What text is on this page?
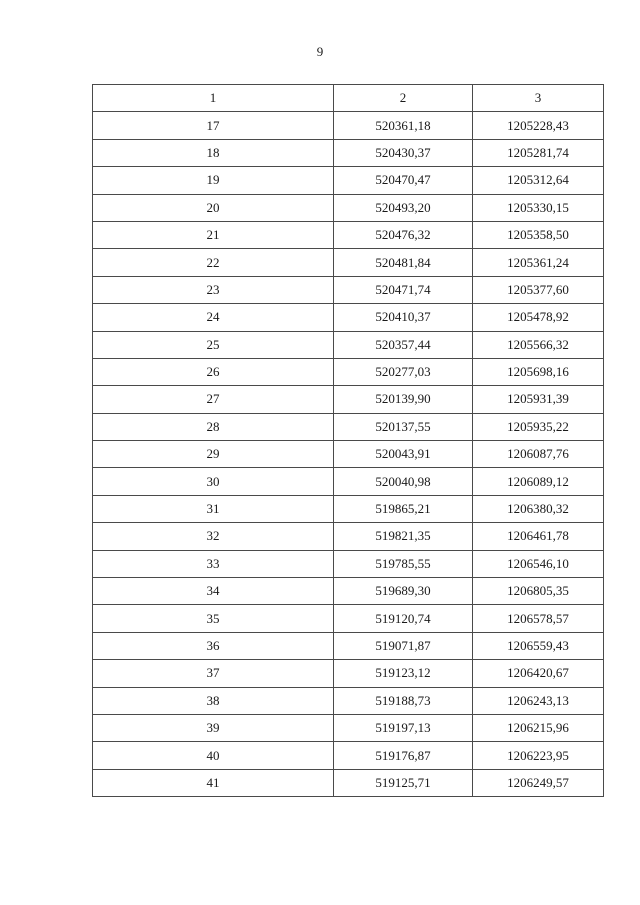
9
1	2	3
17	520361,18	1205228,43
18	520430,37	1205281,74
19	520470,47	1205312,64
20	520493,20	1205330,15
21	520476,32	1205358,50
22	520481,84	1205361,24
23	520471,74	1205377,60
24	520410,37	1205478,92
25	520357,44	1205566,32
26	520277,03	1205698,16
27	520139,90	1205931,39
28	520137,55	1205935,22
29	520043,91	1206087,76
30	520040,98	1206089,12
31	519865,21	1206380,32
32	519821,35	1206461,78
33	519785,55	1206546,10
34	519689,30	1206805,35
35	519120,74	1206578,57
36	519071,87	1206559,43
37	519123,12	1206420,67
38	519188,73	1206243,13
39	519197,13	1206215,96
40	519176,87	1206223,95
41	519125,71	1206249,57
